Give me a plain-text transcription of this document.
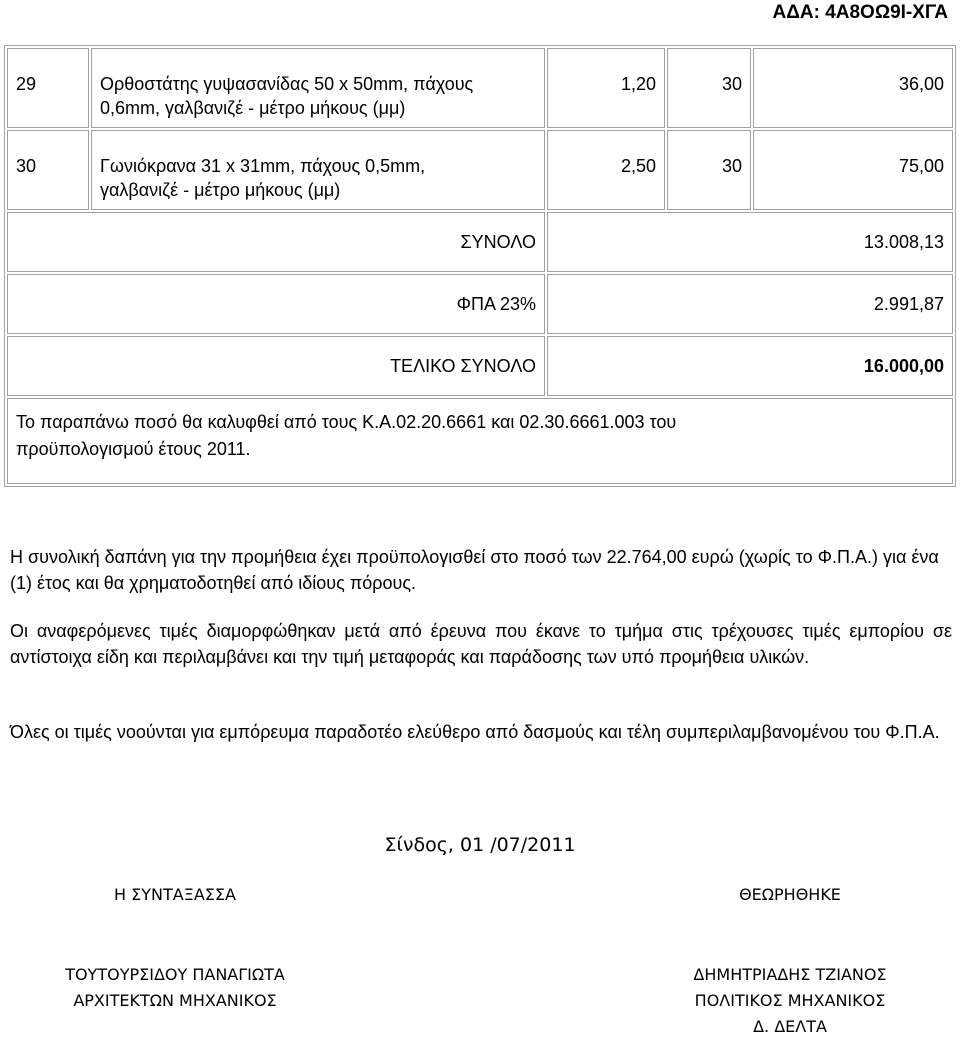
ΑΔΑ: 4Α8ΟΩ9Ι-ΧΓΑ
29	Ορθοστάτης γυψασανίδας 50 x 50mm, πάχους
0,6mm, γαλβανιζέ - μέτρο μήκους (μμ)	1,20	30	36,00
30	Γωνιόκρανα 31 x 31mm, πάχους 0,5mm,
γαλβανιζέ - μέτρο μήκους (μμ)	2,50	30	75,00
ΣΥΝΟΛΟ		13.008,13		
ΦΠΑ 23%		2.991,87		
ΤΕΛΙΚΟ ΣΥΝΟΛΟ		16.000,00		

Το παραπάνω ποσό θα καλυφθεί από τους Κ.Α.02.20.6661 και 02.30.6661.003 του
προϋπολογισμού έτους 2011.				
Η συνολική δαπάνη για την προμήθεια έχει προϋπολογισθεί στο ποσό των 22.764,00 ευρώ (χωρίς το Φ.Π.Α.) για ένα (1) έτος και θα χρηματοδοτηθεί από ιδίους πόρους.
Οι αναφερόμενες τιμές διαμορφώθηκαν μετά από έρευνα που έκανε το τμήμα στις τρέχουσες τιμές εμπορίου σε αντίστοιχα είδη και περιλαμβάνει και την τιμή μεταφοράς και παράδοσης των υπό προμήθεια υλικών.
Όλες οι τιμές νοούνται για εμπόρευμα παραδοτέο ελεύθερο από δασμούς και τέλη συμπεριλαμβανομένου του Φ.Π.Α.
Σίνδος, 01 /07/2011
Η ΣΥΝΤΑΞΑΣΣΑ
ΤΟΥΤΟΥΡΣΙΔΟΥ ΠΑΝΑΓΙΩΤΑ
ΑΡΧΙΤΕΚΤΩΝ ΜΗΧΑΝΙΚΟΣ
ΘΕΩΡΗΘΗΚΕ
ΔΗΜΗΤΡΙΑΔΗΣ ΤΖΙΑΝΟΣ
ΠΟΛΙΤΙΚΟΣ ΜΗΧΑΝΙΚΟΣ
Δ. ΔΕΛΤΑ
